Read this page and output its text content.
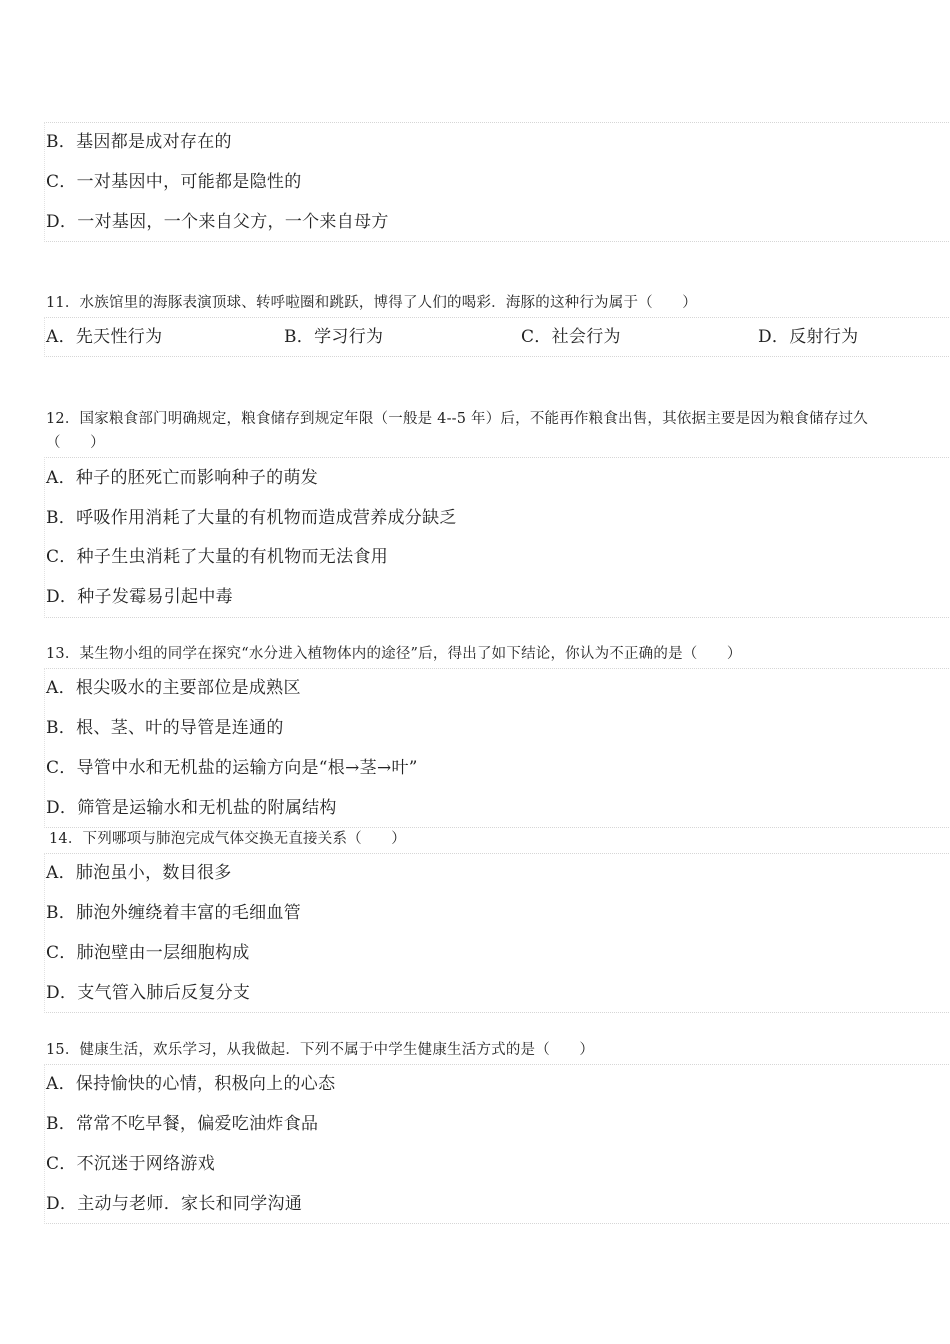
B．基因都是成对存在的
C．一对基因中，可能都是隐性的
D．一对基因，一个来自父方，一个来自母方
11．水族馆里的海豚表演顶球、转呼啦圈和跳跃，博得了人们的喝彩．海豚的这种行为属于（　　）
A．先天性行为	B．学习行为	C．社会行为	D．反射行为
12．国家粮食部门明确规定，粮食储存到规定年限（一般是 4--5 年）后，不能再作粮食出售，其依据主要是因为粮食储存过久（　　）
A．种子的胚死亡而影响种子的萌发
B．呼吸作用消耗了大量的有机物而造成营养成分缺乏
C．种子生虫消耗了大量的有机物而无法食用
D．种子发霉易引起中毒
13．某生物小组的同学在探究“水分进入植物体内的途径”后，得出了如下结论，你认为不正确的是（　　）
A．根尖吸水的主要部位是成熟区
B．根、茎、叶的导管是连通的
C．导管中水和无机盐的运输方向是“根→茎→叶”
D．筛管是运输水和无机盐的附属结构
14．下列哪项与肺泡完成气体交换无直接关系（　　）
A．肺泡虽小，数目很多
B．肺泡外缠绕着丰富的毛细血管
C．肺泡壁由一层细胞构成
D．支气管入肺后反复分支
15．健康生活，欢乐学习，从我做起．下列不属于中学生健康生活方式的是（　　）
A．保持愉快的心情，积极向上的心态
B．常常不吃早餐，偏爱吃油炸食品
C．不沉迷于网络游戏
D．主动与老师．家长和同学沟通
